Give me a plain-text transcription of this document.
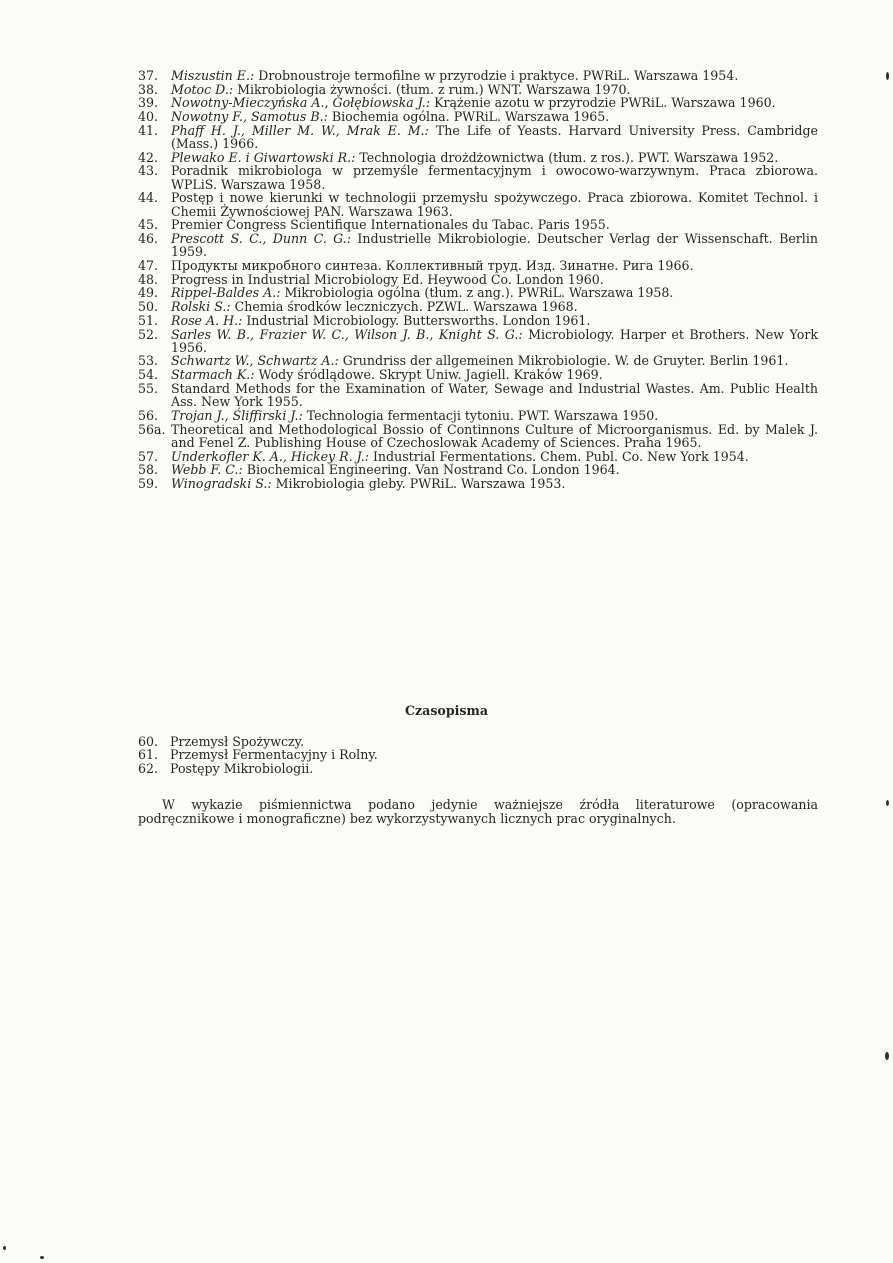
37. Miszustin E.: Drobnoustroje termofilne w przyrodzie i praktyce. PWRiL. Warszawa 1954.
38. Motoc D.: Mikrobiologia żywności. (tłum. z rum.) WNT. Warszawa 1970.
39. Nowotny-Mieczyńska A., Gołębiowska J.: Krążenie azotu w przyrodzie PWRiL. Warszawa 1960.
40. Nowotny F., Samotus B.: Biochemia ogólna. PWRiL. Warszawa 1965.
41. Phaff H. J., Miller M. W., Mrak E. M.: The Life of Yeasts. Harvard University Press. Cambridge (Mass.) 1966.
42. Plewako E. i Giwartowski R.: Technologia drożdżownictwa (tłum. z ros.). PWT. Warszawa 1952.
43. Poradnik mikrobiologa w przemyśle fermentacyjnym i owocowo-warzywnym. Praca zbiorowa. WPLiS. Warszawa 1958.
44. Postęp i nowe kierunki w technologii przemysłu spożywczego. Praca zbiorowa. Komitet Technol. i Chemii Żywnościowej PAN. Warszawa 1963.
45. Premier Congress Scientifique Internationales du Tabac. Paris 1955.
46. Prescott S. C., Dunn C. G.: Industrielle Mikrobiologie. Deutscher Verlag der Wissenschaft. Berlin 1959.
47. Продукты микробного синтеза. Коллективный труд. Изд. Зинатне. Рига 1966.
48. Progress in Industrial Microbiology Ed. Heywood Co. London 1960.
49. Rippel-Baldes A.: Mikrobiologia ogólna (tłum. z ang.). PWRiL. Warszawa 1958.
50. Rolski S.: Chemia środków leczniczych. PZWL. Warszawa 1968.
51. Rose A. H.: Industrial Microbiology. Buttersworths. London 1961.
52. Sarles W. B., Frazier W. C., Wilson J. B., Knight S. G.: Microbiology. Harper et Brothers. New York 1956.
53. Schwartz W., Schwartz A.: Grundriss der allgemeinen Mikrobiologie. W. de Gruyter. Berlin 1961.
54. Starmach K.: Wody śródlądowe. Skrypt Uniw. Jagiell. Kraków 1969.
55. Standard Methods for the Examination of Water, Sewage and Industrial Wastes. Am. Public Health Ass. New York 1955.
56. Trojan J., Śliffirski J.: Technologia fermentacji tytoniu. PWT. Warszawa 1950.
56a. Theoretical and Methodological Bossio of Continnons Culture of Microorganismus. Ed. by Malek J. and Fenel Z. Publishing House of Czechoslowak Academy of Sciences. Praha 1965.
57. Underkofler K. A., Hickey R. J.: Industrial Fermentations. Chem. Publ. Co. New York 1954.
58. Webb F. C.: Biochemical Engineering. Van Nostrand Co. London 1964.
59. Winogradski S.: Mikrobiologia gleby. PWRiL. Warszawa 1953.
Czasopisma
60. Przemysł Spożywczy.
61. Przemysł Fermentacyjny i Rolny.
62. Postępy Mikrobiologii.
W wykazie piśmiennictwa podano jedynie ważniejsze źródła literaturowe (opracowania podręcznikowe i monograficzne) bez wykorzystywanych licznych prac oryginalnych.
